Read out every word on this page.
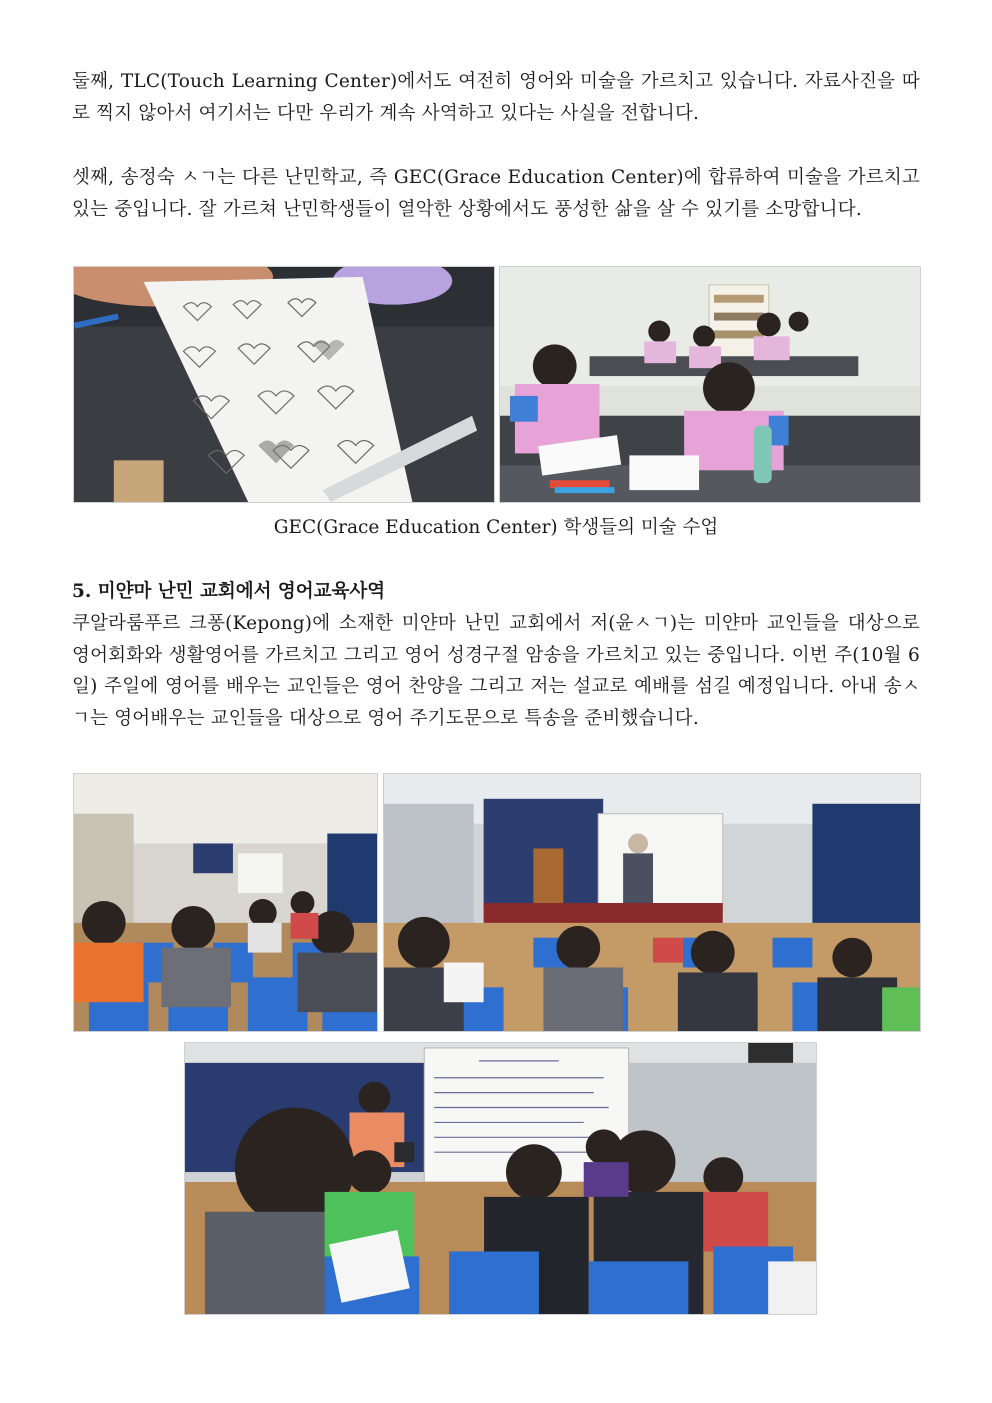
둘째, TLC(Touch Learning Center)에서도 여전히 영어와 미술을 가르치고 있습니다. 자료사진을 따로 찍지 않아서 여기서는 다만 우리가 계속 사역하고 있다는 사실을 전합니다.

셋째, 송정숙 ㅅㄱ는 다른 난민학교, 즉 GEC(Grace Education Center)에 합류하여 미술을 가르치고 있는 중입니다. 잘 가르쳐 난민학생들이 열악한 상황에서도 풍성한 삶을 살 수 있기를 소망합니다.

GEC(Grace Education Center) 학생들의 미술 수업

5. 미얀마 난민 교회에서 영어교육사역

쿠알라룸푸르 크퐁(Kepong)에 소재한 미얀마 난민 교회에서 저(윤ㅅㄱ)는 미얀마 교인들을 대상으로 영어회화와 생활영어를 가르치고 그리고 영어 성경구절 암송을 가르치고 있는 중입니다. 이번 주(10월 6일) 주일에 영어를 배우는 교인들은 영어 찬양을 그리고 저는 설교로 예배를 섬길 예정입니다. 아내 송ㅅㄱ는 영어배우는 교인들을 대상으로 영어 주기도문으로 특송을 준비했습니다.
